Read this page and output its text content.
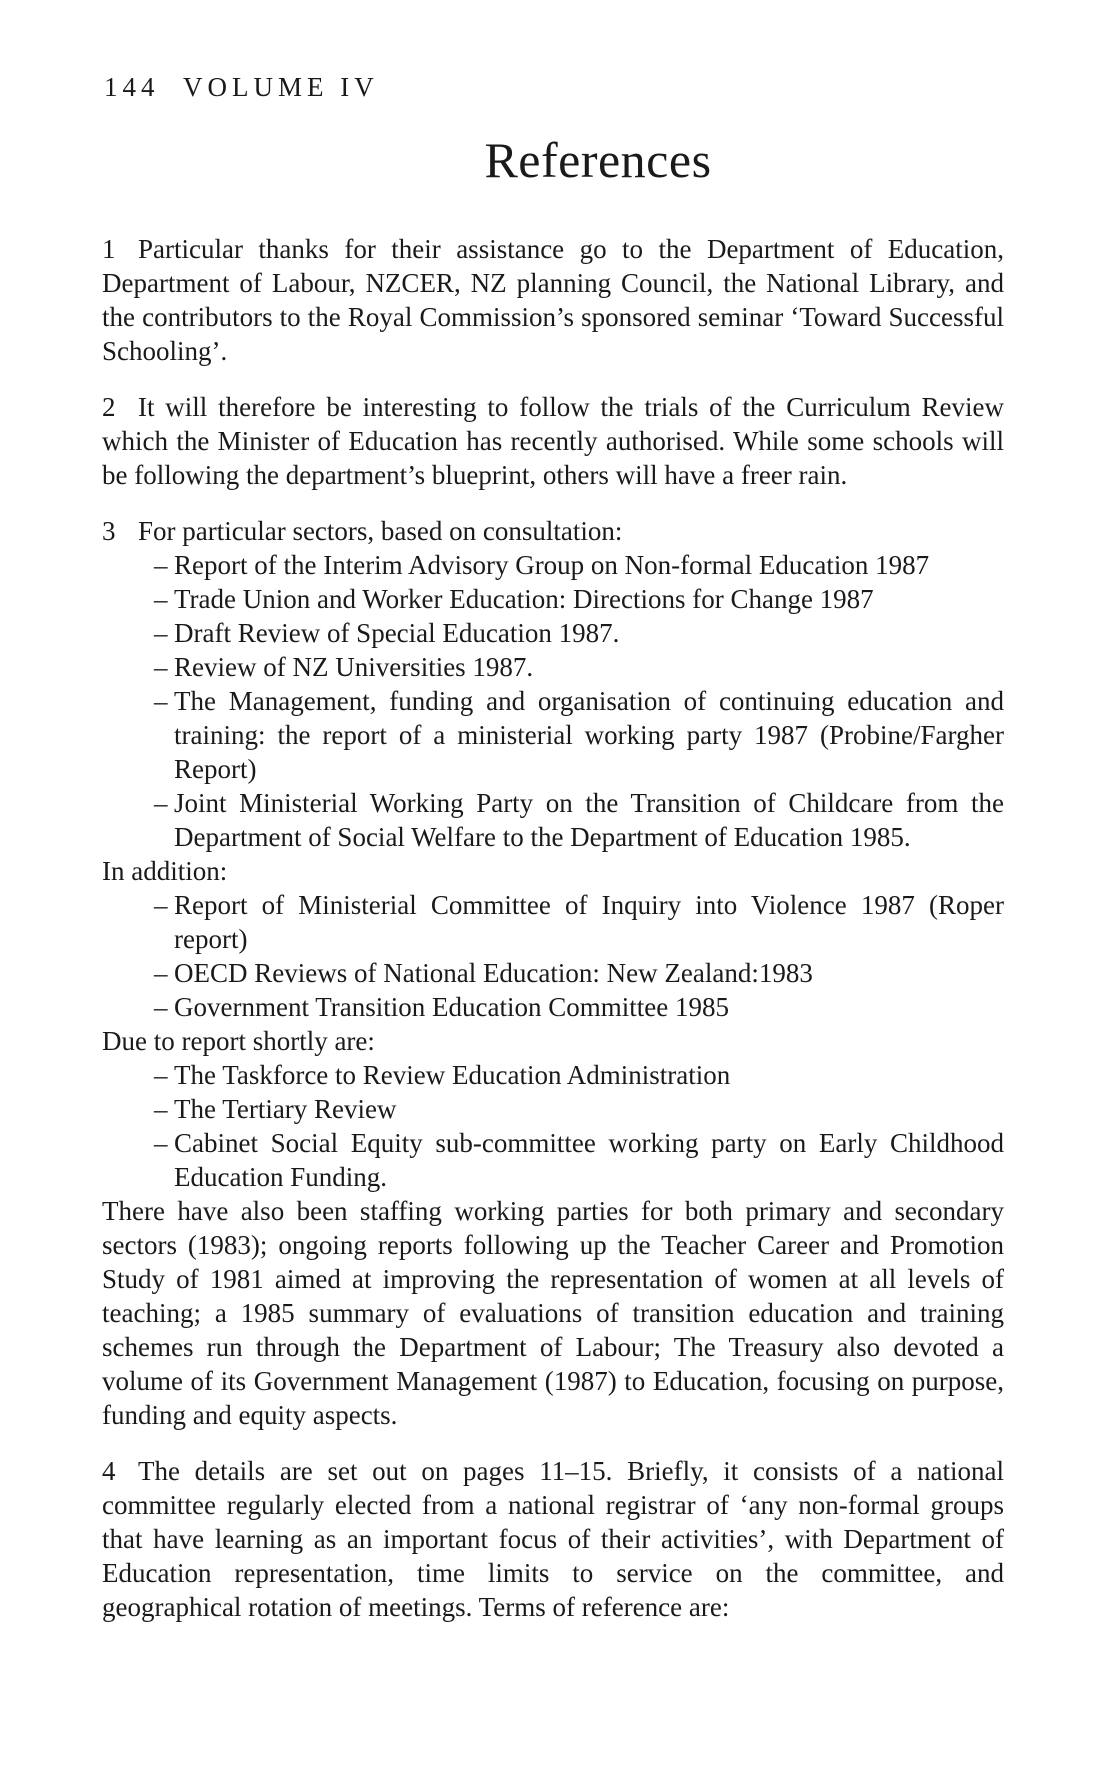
144 VOLUME IV
References

1 Particular thanks for their assistance go to the Department of Education, Department of Labour, NZCER, NZ planning Council, the National Library, and the contributors to the Royal Commission’s sponsored seminar ‘Toward Successful Schooling’.

2 It will therefore be interesting to follow the trials of the Curriculum Review which the Minister of Education has recently authorised. While some schools will be following the department’s blueprint, others will have a freer rain.

3 For particular sectors, based on consultation:

– Report of the Interim Advisory Group on Non-formal Education 1987
– Trade Union and Worker Education: Directions for Change 1987
– Draft Review of Special Education 1987.
– Review of NZ Universities 1987.
– The Management, funding and organisation of continuing education and training: the report of a ministerial working party 1987 (Probine/Fargher Report)
– Joint Ministerial Working Party on the Transition of Childcare from the Department of Social Welfare to the Department of Education 1985.

In addition:

– Report of Ministerial Committee of Inquiry into Violence 1987 (Roper report)
– OECD Reviews of National Education: New Zealand:1983
– Government Transition Education Committee 1985

Due to report shortly are:

– The Taskforce to Review Education Administration
– The Tertiary Review
– Cabinet Social Equity sub-committee working party on Early Childhood Education Funding.

There have also been staffing working parties for both primary and secondary sectors (1983); ongoing reports following up the Teacher Career and Promotion Study of 1981 aimed at improving the representation of women at all levels of teaching; a 1985 summary of evaluations of transition education and training schemes run through the Department of Labour; The Treasury also devoted a volume of its Government Management (1987) to Education, focusing on purpose, funding and equity aspects.

4 The details are set out on pages 11–15. Briefly, it consists of a national committee regularly elected from a national registrar of ‘any non-formal groups that have learning as an important focus of their activities’, with Department of Education representation, time limits to service on the committee, and geographical rotation of meetings. Terms of reference are:
